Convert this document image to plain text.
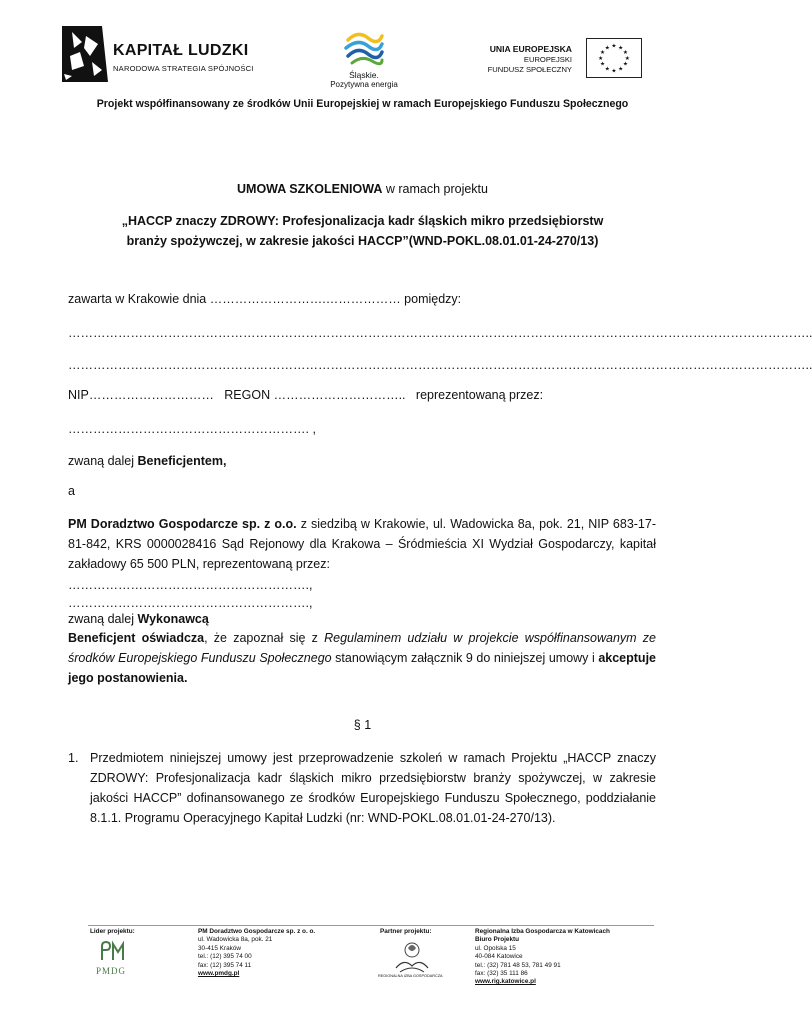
KAPITAŁ LUDZKI
NARODOWA STRATEGIA SPÓJNOŚCI
Śląskie.
Pozytywna energia
UNIA EUROPEJSKA
EUROPEJSKI
FUNDUSZ SPOŁECZNY
★ ★
★
★
★
★
★
★
★
★
★
★
Projekt współfinansowany ze środków Unii Europejskiej w ramach Europejskiego Funduszu Społecznego
UMOWA SZKOLENIOWA w ramach projektu
„HACCP znaczy ZDROWY: Profesjonalizacja kadr śląskich mikro przedsiębiorstw
branży spożywczej, w zakresie jakości HACCP”(WND-POKL.08.01.01-24-270/13)
zawarta w Krakowie dnia ……………………….……………… pomiędzy:
……………………………………………………………………………………………………………………………………………………………..
……………………………………………………………………………………………………………………………………………………………..
NIP…………………………   REGON …………………………..   reprezentowaną przez:
…………………………………………………. ,
zwaną dalej Beneficjentem,
a
PM Doradztwo Gospodarcze sp. z o.o. z siedzibą w Krakowie, ul. Wadowicka 8a, pok. 21, NIP 683-17-81-842, KRS 0000028416 Sąd Rejonowy dla Krakowa – Śródmieścia XI Wydział Gospodarczy, kapitał zakładowy 65 500 PLN, reprezentowaną przez:
………………………………………………….,
………………………………………………….,
zwaną dalej Wykonawcą
Beneficjent oświadcza, że zapoznał się z Regulaminem udziału w projekcie współfinansowanym ze środków Europejskiego Funduszu Społecznego stanowiącym załącznik 9 do niniejszej umowy i akceptuje jego postanowienia.
§ 1
1. Przedmiotem niniejszej umowy jest przeprowadzenie szkoleń w ramach Projektu „HACCP znaczy ZDROWY: Profesjonalizacja kadr śląskich mikro przedsiębiorstw branży spożywczej, w zakresie jakości HACCP” dofinansowanego ze środków Europejskiego Funduszu Społecznego, poddziałanie 8.1.1. Programu Operacyjnego Kapitał Ludzki (nr: WND-POKL.08.01.01-24-270/13).
Lider projektu:
PMDG
PM Doradztwo Gospodarcze sp. z o. o.
ul. Wadowicka 8a, pok. 21
30-415 Kraków
tel.: (12) 395 74 00
fax: (12) 395 74 11
www.pmdg.pl
Partner projektu:
REGIONALNA IZBA GOSPODARCZA
Regionalna Izba Gospodarcza w Katowicach
Biuro Projektu
ul. Opolska 15
40-084 Katowice
tel.: (32) 781 48 53, 781 49 91
fax: (32) 35 111 86
www.rig.katowice.pl
